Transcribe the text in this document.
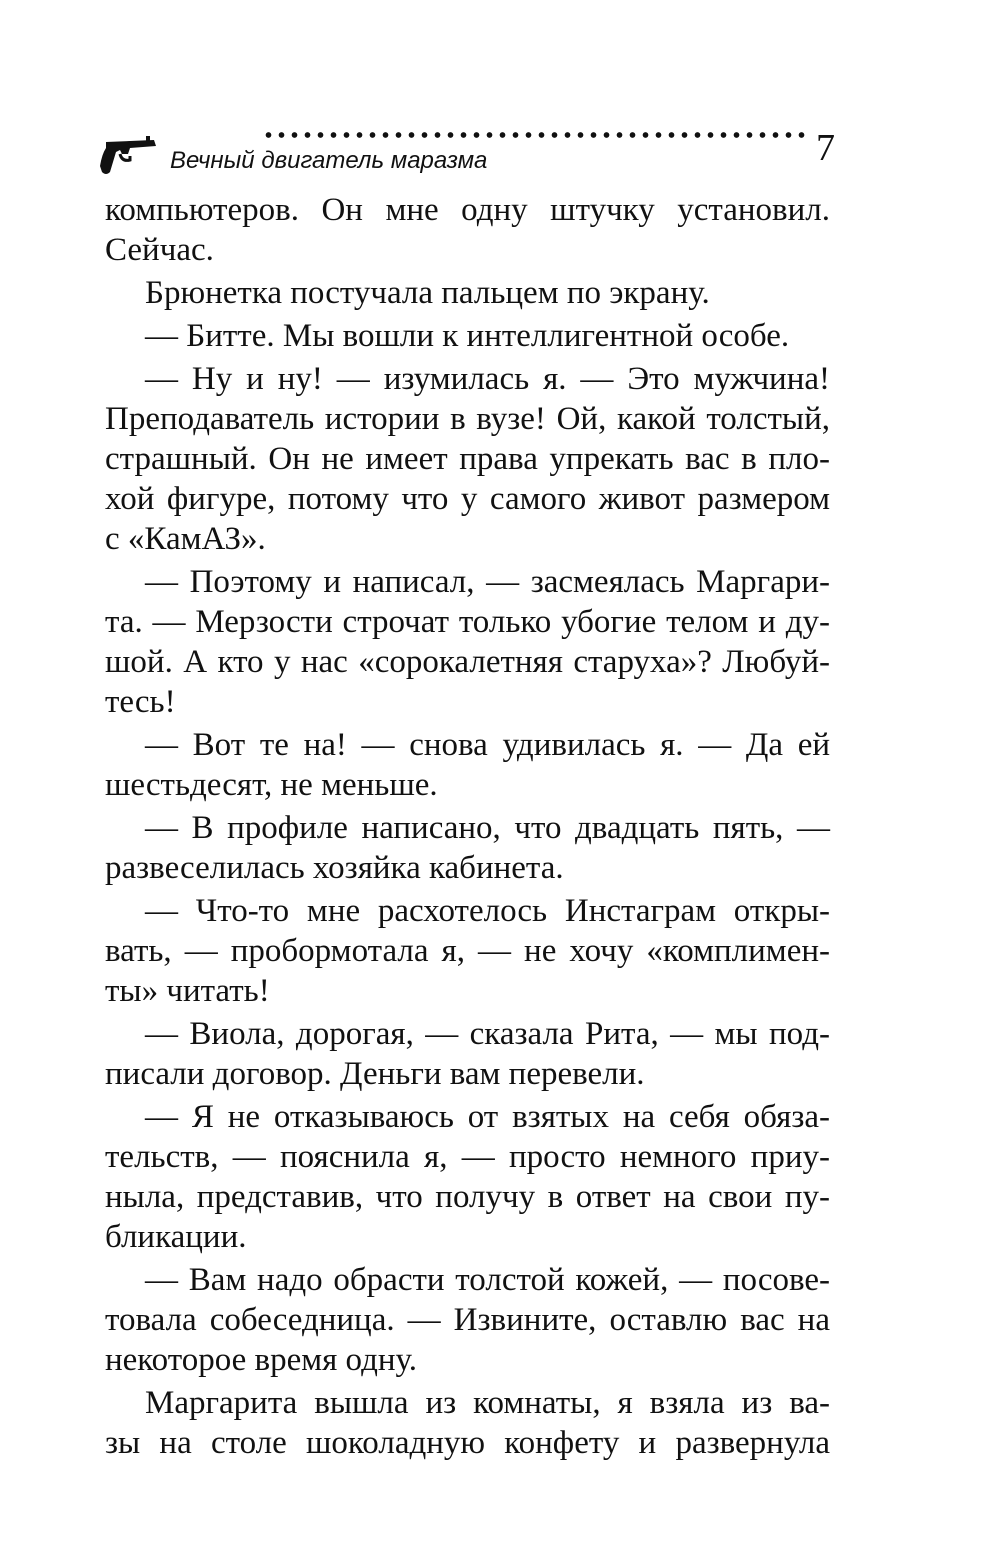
Вечный двигатель маразма	7
компьютеров. Он мне одну штучку установил.
Сейчас.
Брюнетка постучала пальцем по экрану.
— Битте. Мы вошли к интеллигентной особе.
— Ну и ну! — изумилась я. — Это мужчина!
Преподаватель истории в вузе! Ой, какой толстый,
страшный. Он не имеет права упрекать вас в пло-
хой фигуре, потому что у самого живот размером
с «КамАЗ».
— Поэтому и написал, — засмеялась Маргари-
та. — Мерзости строчат только убогие телом и ду-
шой. А кто у нас «сорокалетняя старуха»? Любуй-
тесь!
— Вот те на! — снова удивилась я. — Да ей
шестьдесят, не меньше.
— В профиле написано, что двадцать пять, —
развеселилась хозяйка кабинета.
— Что-то мне расхотелось Инстаграм откры-
вать, — пробормотала я, — не хочу «комплимен-
ты» читать!
— Виола, дорогая, — сказала Рита, — мы под-
писали договор. Деньги вам перевели.
— Я не отказываюсь от взятых на себя обяза-
тельств, — пояснила я, — просто немного приу-
ныла, представив, что получу в ответ на свои пу-
бликации.
— Вам надо обрасти толстой кожей, — посове-
товала собеседница. — Извините, оставлю вас на
некоторое время одну.
Маргарита вышла из комнаты, я взяла из ва-
зы на столе шоколадную конфету и развернула
